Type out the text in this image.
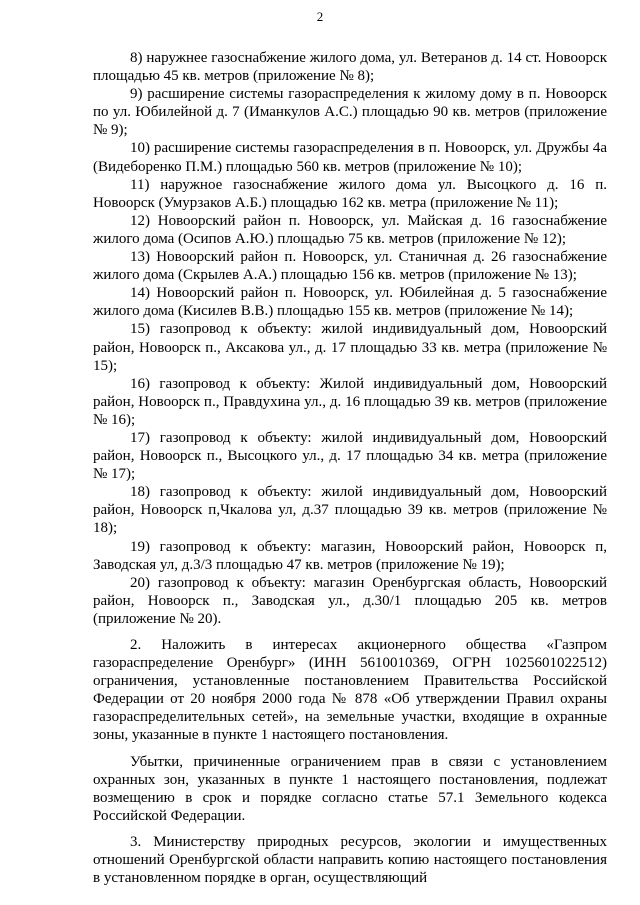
2

8) наружнее газоснабжение жилого дома, ул. Ветеранов д. 14 ст. Новоорск площадью 45 кв. метров (приложение № 8);

9) расширение системы газораспределения к жилому дому в п. Новоорск по ул. Юбилейной д. 7 (Иманкулов А.С.) площадью 90 кв. метров (приложение № 9);

10) расширение системы газораспределения в п. Новоорск, ул. Дружбы 4а (Видеборенко П.М.) площадью 560 кв. метров (приложение № 10);

11) наружное газоснабжение жилого дома ул. Высоцкого д. 16 п. Новоорск (Умурзаков А.Б.) площадью 162 кв. метра (приложение № 11);

12) Новоорский район п. Новоорск, ул. Майская д. 16 газоснабжение жилого дома (Осипов А.Ю.) площадью 75 кв. метров (приложение № 12);

13) Новоорский район п. Новоорск, ул. Станичная д. 26 газоснабжение жилого дома (Скрылев А.А.) площадью 156 кв. метров (приложение № 13);

14) Новоорский район п. Новоорск, ул. Юбилейная д. 5 газоснабжение жилого дома (Кисилев В.В.) площадью 155 кв. метров (приложение № 14);

15) газопровод к объекту: жилой индивидуальный дом, Новоорский район, Новоорск п., Аксакова ул., д. 17 площадью 33 кв. метра (приложение № 15);

16) газопровод к объекту: Жилой индивидуальный дом, Новоорский район, Новоорск п., Правдухина ул., д. 16 площадью 39 кв. метров (приложение № 16);

17) газопровод к объекту: жилой индивидуальный дом, Новоорский район, Новоорск п., Высоцкого ул., д. 17 площадью 34 кв. метра (приложение № 17);

18) газопровод к объекту: жилой индивидуальный дом, Новоорский район, Новоорск п,Чкалова ул, д.37 площадью 39 кв. метров (приложение № 18);

19) газопровод к объекту: магазин, Новоорский район, Новоорск п, Заводская ул, д.3/3 площадью 47 кв. метров (приложение № 19);

20) газопровод к объекту: магазин Оренбургская область, Новоорский район, Новоорск п., Заводская ул., д.30/1 площадью 205 кв. метров (приложение № 20).

2. Наложить в интересах акционерного общества «Газпром газораспределение Оренбург» (ИНН 5610010369, ОГРН 1025601022512) ограничения, установленные постановлением Правительства Российской Федерации от 20 ноября 2000 года № 878 «Об утверждении Правил охраны газораспределительных сетей», на земельные участки, входящие в охранные зоны, указанные в пункте 1 настоящего постановления.

Убытки, причиненные ограничением прав в связи с установлением охранных зон, указанных в пункте 1 настоящего постановления, подлежат возмещению в срок и порядке согласно статье 57.1 Земельного кодекса Российской Федерации.

3. Министерству природных ресурсов, экологии и имущественных отношений Оренбургской области направить копию настоящего постановления в установленном порядке в орган, осуществляющий
